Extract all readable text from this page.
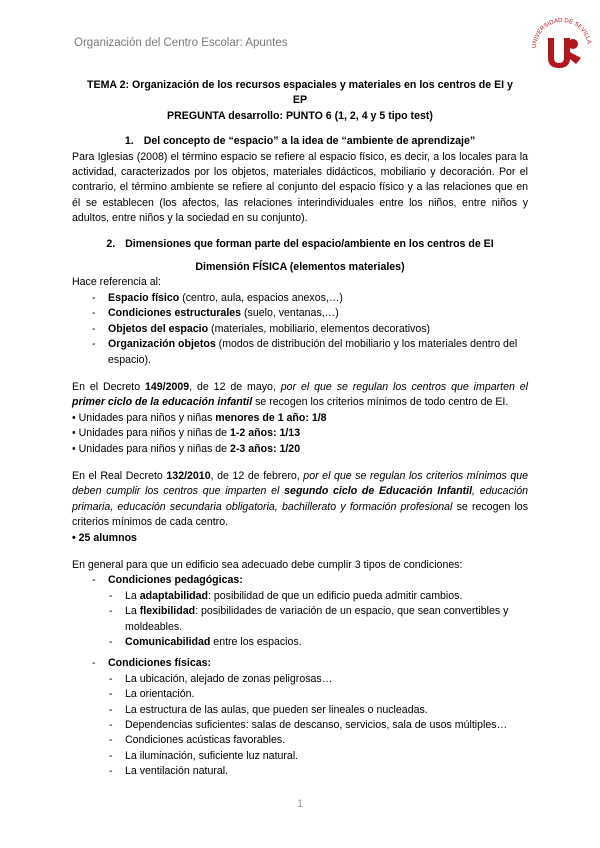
Organización del Centro Escolar: Apuntes	UNIVERSIDAD DE SEVILLA
TEMA 2: Organización de los recursos espaciales y materiales en los centros de EI y
EP
PREGUNTA desarrollo: PUNTO 6 (1, 2, 4 y 5 tipo test)

1. Del concepto de “espacio” a la idea de “ambiente de aprendizaje”

Para Iglesias (2008) el término espacio se refiere al espacio físico, es decir, a los locales para la actividad, caracterizados por los objetos, materiales didácticos, mobiliario y decoración. Por el contrario, el término ambiente se refiere al conjunto del espacio físico y a las relaciones que en él se establecen (los afectos, las relaciones interindividuales entre los niños, entre niños y adultos, entre niños y la sociedad en su conjunto).

2. Dimensiones que forman parte del espacio/ambiente en los centros de EI

Dimensión FÍSICA (elementos materiales)

Hace referencia al:

- Espacio físico (centro, aula, espacios anexos,…)
- Condiciones estructurales (suelo, ventanas,…)
- Objetos del espacio (materiales, mobiliario, elementos decorativos)
- Organización objetos (modos de distribución del mobiliario y los materiales dentro del espacio).

En el Decreto 149/2009, de 12 de mayo, por el que se regulan los centros que imparten el primer ciclo de la educación infantil se recogen los criterios mínimos de todo centro de EI.

• Unidades para niños y niñas menores de 1 año: 1/8

• Unidades para niños y niñas de 1-2 años: 1/13

• Unidades para niños y niñas de 2-3 años: 1/20

En el Real Decreto 132/2010, de 12 de febrero, por el que se regulan los criterios mínimos que deben cumplir los centros que imparten el segundo ciclo de Educación Infantil, educación primaria, educación secundaria obligatoria, bachillerato y formación profesional se recogen los criterios mínimos de cada centro.

• 25 alumnos

En general para que un edificio sea adecuado debe cumplir 3 tipos de condiciones:

- Condiciones pedagógicas:
- La adaptabilidad: posibilidad de que un edificio pueda admitir cambios.
- La flexibilidad: posibilidades de variación de un espacio, que sean convertibles y moldeables.
- Comunicabilidad entre los espacios.
- Condiciones físicas:
- La ubicación, alejado de zonas peligrosas…
- La orientación.
- La estructura de las aulas, que pueden ser lineales o nucleadas.
- Dependencias suficientes: salas de descanso, servicios, sala de usos múltiples…
- Condiciones acústicas favorables.
- La iluminación, suficiente luz natural.
- La ventilación natural.
1
